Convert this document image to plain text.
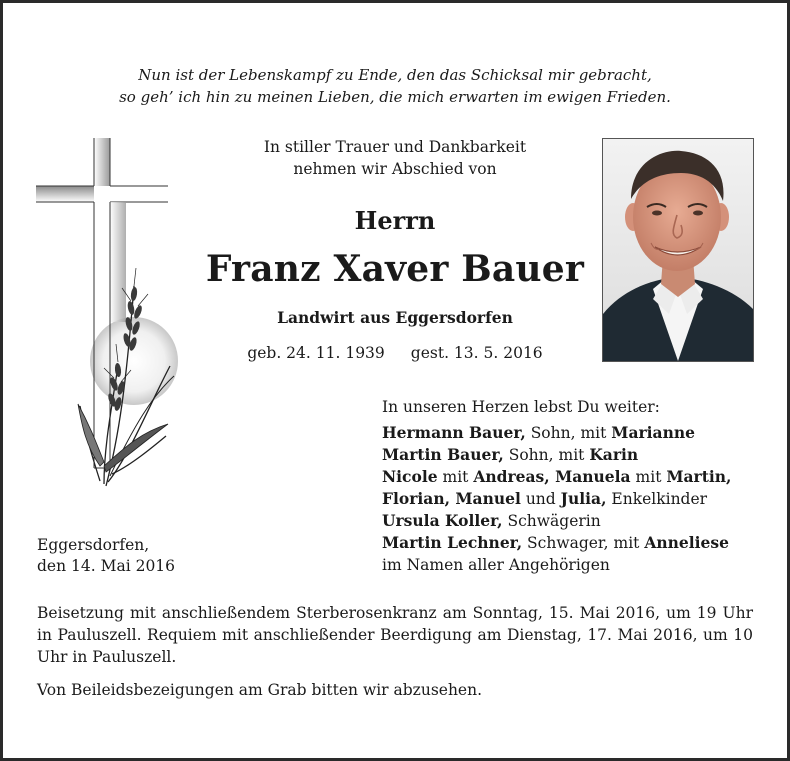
Nun ist der Lebenskampf zu Ende, den das Schicksal mir gebracht,
so geh’ ich hin zu meinen Lieben, die mich erwarten im ewigen Frieden.
In stiller Trauer und Dankbarkeit
nehmen wir Abschied von
Herrn
Franz Xaver Bauer
Landwirt aus Eggersdorfen
geb. 24. 11. 1939 gest. 13. 5. 2016
In unseren Herzen lebst Du weiter:
Hermann Bauer, Sohn, mit Marianne
Martin Bauer, Sohn, mit Karin
Nicole mit Andreas, Manuela mit Martin,
Florian, Manuel und Julia, Enkelkinder
Ursula Koller, Schwägerin
Martin Lechner, Schwager, mit Anneliese
im Namen aller Angehörigen
Eggersdorfen,
den 14. Mai 2016
Beisetzung mit anschließendem Sterberosenkranz am Sonntag, 15. Mai 2016, um 19 Uhr in Pauluszell. Requiem mit anschließender Beerdigung am Dienstag, 17. Mai 2016, um 10 Uhr in Pauluszell.
Von Beileidsbezeigungen am Grab bitten wir abzusehen.
